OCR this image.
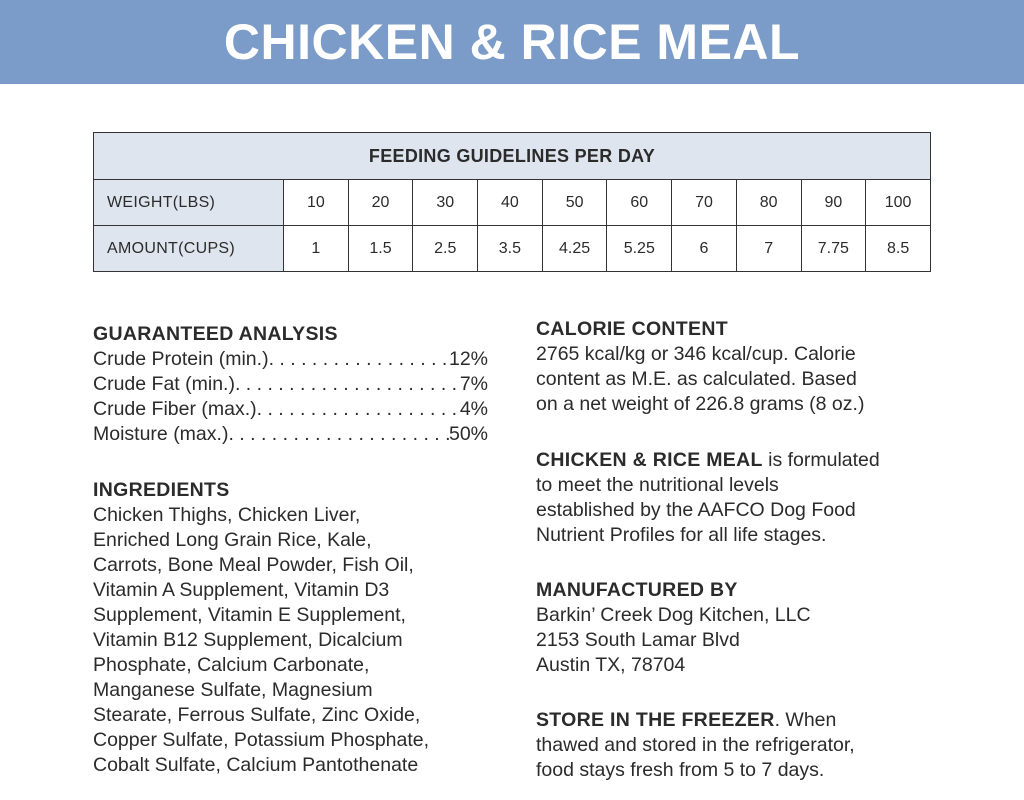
CHICKEN & RICE MEAL
FEEDING GUIDELINES PER DAY										
WEIGHT(LBS)	10	20	30	40	50	60	70	80	90	100
AMOUNT(CUPS)	1	1.5	2.5	3.5	4.25	5.25	6	7	7.75	8.5
GUARANTEED ANALYSIS
Crude Protein (min.) . . .	12%
Crude Fat (min.) . . .	7%
Crude Fiber (max.) . . .	4%
Moisture (max.) . . .	50%
INGREDIENTS
Chicken Thighs, Chicken Liver,
Enriched Long Grain Rice, Kale,
Carrots, Bone Meal Powder, Fish Oil,
Vitamin A Supplement, Vitamin D3
Supplement, Vitamin E Supplement,
Vitamin B12 Supplement, Dicalcium
Phosphate, Calcium Carbonate,
Manganese Sulfate, Magnesium
Stearate, Ferrous Sulfate, Zinc Oxide,
Copper Sulfate, Potassium Phosphate,
Cobalt Sulfate, Calcium Pantothenate
CALORIE CONTENT
2765 kcal/kg or 346 kcal/cup. Calorie
content as M.E. as calculated. Based
on a net weight of 226.8 grams (8 oz.)
CHICKEN & RICE MEAL is formulated
to meet the nutritional levels
established by the AAFCO Dog Food
Nutrient Profiles for all life stages.
MANUFACTURED BY
Barkin’ Creek Dog Kitchen, LLC
2153 South Lamar Blvd
Austin TX, 78704
STORE IN THE FREEZER. When
thawed and stored in the refrigerator,
food stays fresh from 5 to 7 days.
